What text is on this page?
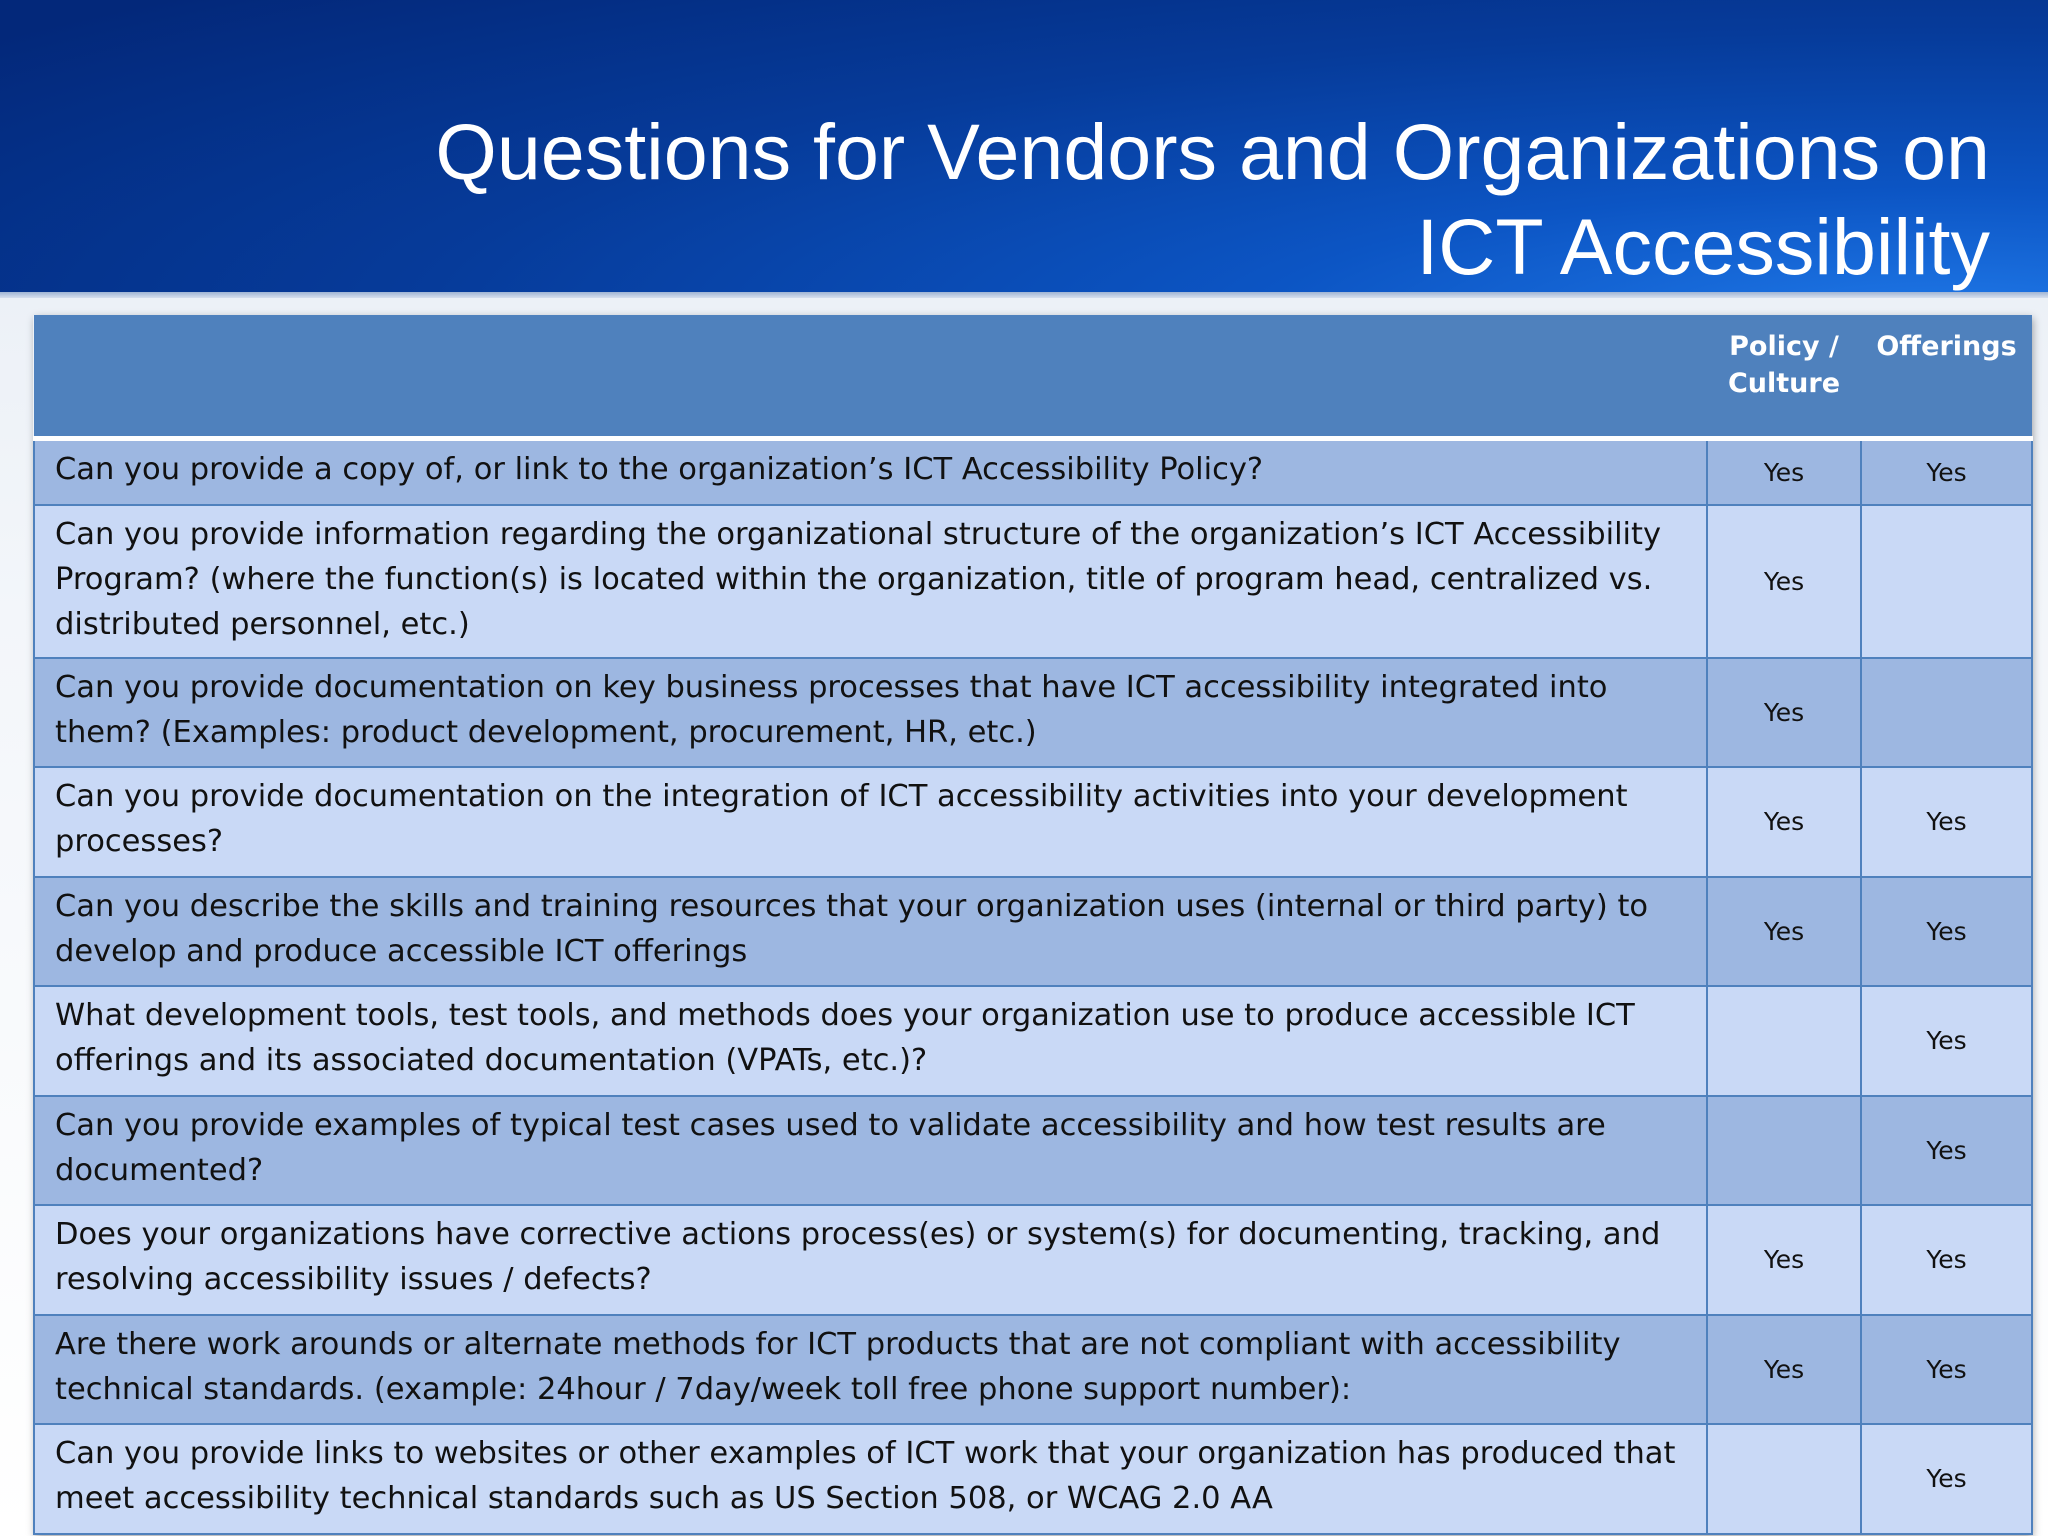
Questions for Vendors and Organizations on
ICT Accessibility
	Policy / Culture	Offerings
Can you provide a copy of, or link to the organization’s ICT Accessibility Policy?	Yes	Yes
Can you provide information regarding the organizational structure of the organization’s ICT Accessibility Program? (where the function(s) is located within the organization, title of program head, centralized vs. distributed personnel, etc.)	Yes	
Can you provide documentation on key business processes that have ICT accessibility integrated into them? (Examples: product development, procurement, HR, etc.)	Yes	
Can you provide documentation on the integration of ICT accessibility activities into your development processes?	Yes	Yes
Can you describe the skills and training resources that your organization uses (internal or third party) to develop and produce accessible ICT offerings	Yes	Yes
What development tools, test tools, and methods does your organization use to produce accessible ICT offerings and its associated documentation (VPATs, etc.)?		Yes
Can you provide examples of typical test cases used to validate accessibility and how test results are documented?		Yes
Does your organizations have corrective actions process(es) or system(s) for documenting, tracking, and resolving accessibility issues / defects?	Yes	Yes
Are there work arounds or alternate methods for ICT products that are not compliant with accessibility technical standards. (example: 24hour / 7day/week toll free phone support number):	Yes	Yes
Can you provide links to websites or other examples of ICT work that your organization has produced that meet accessibility technical standards such as US Section 508, or WCAG 2.0 AA		Yes
